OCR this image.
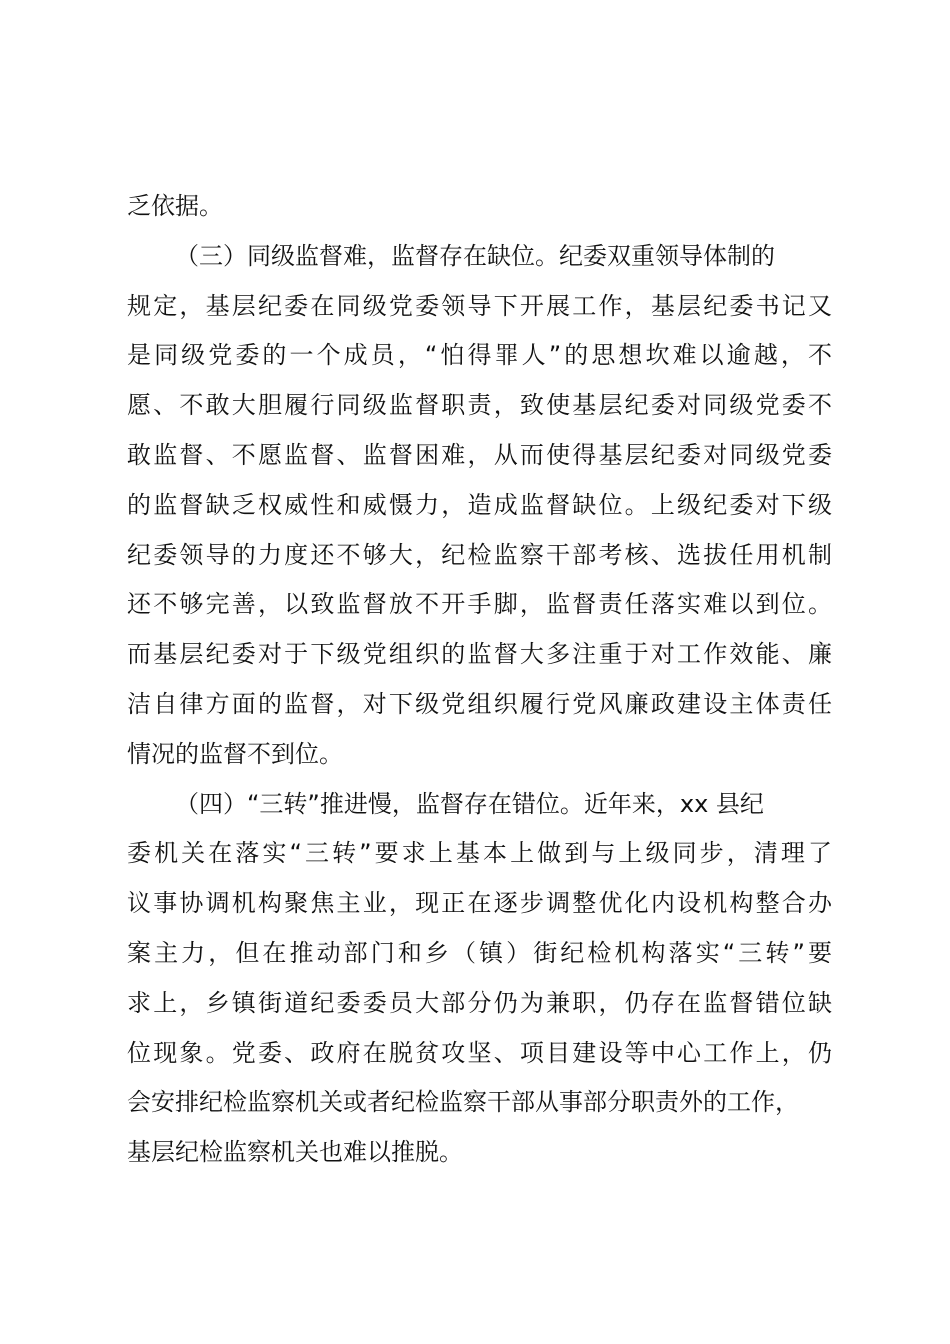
乏依据。
（三）同级监督难，监督存在缺位。纪委双重领导体制的
规定，基层纪委在同级党委领导下开展工作，基层纪委书记又
是同级党委的一个成员，“怕得罪人”的思想坎难以逾越，不
愿、不敢大胆履行同级监督职责，致使基层纪委对同级党委不
敢监督、不愿监督、监督困难，从而使得基层纪委对同级党委
的监督缺乏权威性和威慑力，造成监督缺位。上级纪委对下级
纪委领导的力度还不够大，纪检监察干部考核、选拔任用机制
还不够完善，以致监督放不开手脚，监督责任落实难以到位。
而基层纪委对于下级党组织的监督大多注重于对工作效能、廉
洁自律方面的监督，对下级党组织履行党风廉政建设主体责任
情况的监督不到位。
（四）“三转”推进慢，监督存在错位。近年来，xx 县纪
委机关在落实“三转”要求上基本上做到与上级同步，清理了
议事协调机构聚焦主业，现正在逐步调整优化内设机构整合办
案主力，但在推动部门和乡（镇）街纪检机构落实“三转”要
求上，乡镇街道纪委委员大部分仍为兼职，仍存在监督错位缺
位现象。党委、政府在脱贫攻坚、项目建设等中心工作上，仍
会安排纪检监察机关或者纪检监察干部从事部分职责外的工作，
基层纪检监察机关也难以推脱。
